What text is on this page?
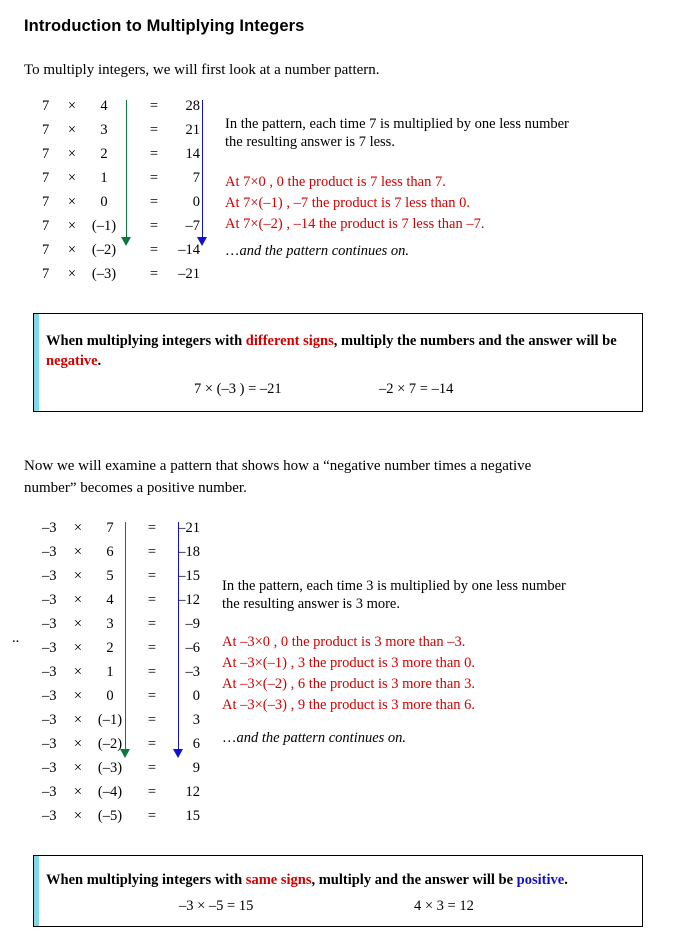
Introduction to Multiplying Integers
To multiply integers, we will first look at a number pattern.
7	×	4	=	28
7	×	3	=	21
7	×	2	=	14
7	×	1	=	7
7	×	0	=	0
7	×	(–1)	=	–7
7	×	(–2)	=	–14
7	×	(–3)	=	–21
In the pattern, each time 7 is multiplied by one less number the resulting answer is 7 less.
At 7×0 , 0 the product is 7 less than 7.
At 7×(–1) , –7 the product is 7 less than 0.
At 7×(–2) , –14 the product is 7 less than –7.
…and the pattern continues on.
When multiplying integers with different signs, multiply the numbers and the answer will be negative.
7 × (–3 ) = –21	–2 × 7 = –14
Now we will examine a pattern that shows how a “negative number times a negative number” becomes a positive number.
..
–3	×	7	=	–21
–3	×	6	=	–18
–3	×	5	=	–15
–3	×	4	=	–12
–3	×	3	=	–9
–3	×	2	=	–6
–3	×	1	=	–3
–3	×	0	=	0
–3	×	(–1)	=	3
–3	×	(–2)	=	6
–3	×	(–3)	=	9
–3	×	(–4)	=	12
–3	×	(–5)	=	15
In the pattern, each time 3 is multiplied by one less number the resulting answer is 3 more.
At –3×0 , 0 the product is 3 more than –3.
At –3×(–1) , 3 the product is 3 more than 0.
At –3×(–2) , 6 the product is 3 more than 3.
At –3×(–3) , 9 the product is 3 more than 6.
…and the pattern continues on.
When multiplying integers with same signs, multiply and the answer will be positive.
–3 × –5 = 15	4 × 3 = 12
